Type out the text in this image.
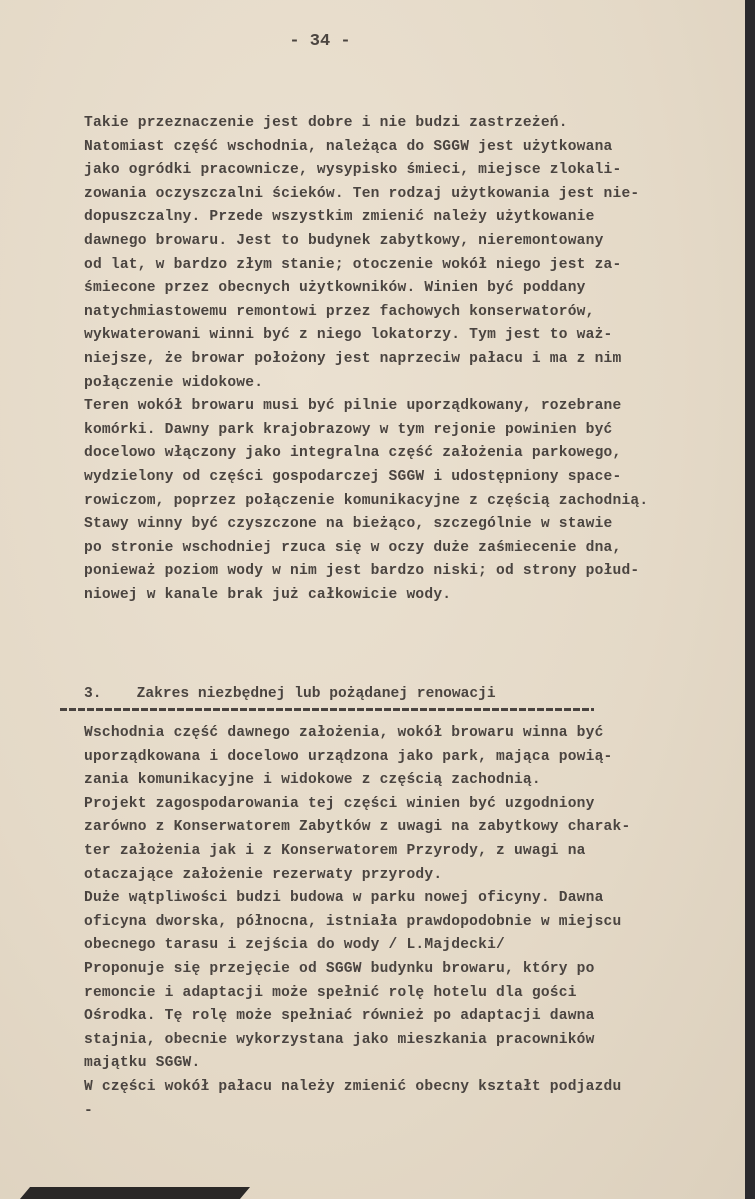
- 34 -
Takie przeznaczenie jest dobre i nie budzi zastrzeżeń.
Natomiast część wschodnia, należąca do SGGW jest użytkowana
jako ogródki pracownicze, wysypisko śmieci, miejsce zlokali-
zowania oczyszczalni ścieków. Ten rodzaj użytkowania jest nie-
dopuszczalny. Przede wszystkim zmienić należy użytkowanie
dawnego browaru. Jest to budynek zabytkowy, nieremontowany
od lat, w bardzo złym stanie; otoczenie wokół niego jest za-
śmiecone przez obecnych użytkowników. Winien być poddany
natychmiastowemu remontowi przez fachowych konserwatorów,
wykwaterowani winni być z niego lokatorzy. Tym jest to waż-
niejsze, że browar położony jest naprzeciw pałacu i ma z nim
połączenie widokowe.
Teren wokół browaru musi być pilnie uporządkowany, rozebrane
komórki. Dawny park krajobrazowy w tym rejonie powinien być
docelowo włączony jako integralna część założenia parkowego,
wydzielony od części gospodarczej SGGW i udostępniony space-
rowiczom, poprzez połączenie komunikacyjne z częścią zachodnią.
Stawy winny być czyszczone na bieżąco, szczególnie w stawie
po stronie wschodniej rzuca się w oczy duże zaśmiecenie dna,
ponieważ poziom wody w nim jest bardzo niski; od strony połud-
niowej w kanale brak już całkowicie wody.
3. Zakres niezbędnej lub pożądanej renowacji
Wschodnia część dawnego założenia, wokół browaru winna być
uporządkowana i docelowo urządzona jako park, mająca powią-
zania komunikacyjne i widokowe z częścią zachodnią.
Projekt zagospodarowania tej części winien być uzgodniony
zarówno z Konserwatorem Zabytków z uwagi na zabytkowy charak-
ter założenia jak i z Konserwatorem Przyrody, z uwagi na
otaczające założenie rezerwaty przyrody.
Duże wątpliwości budzi budowa w parku nowej oficyny. Dawna
oficyna dworska, północna, istniała prawdopodobnie w miejscu
obecnego tarasu i zejścia do wody / L.Majdecki/
Proponuje się przejęcie od SGGW budynku browaru, który po
remoncie i adaptacji może spełnić rolę hotelu dla gości
Ośrodka. Tę rolę może spełniać również po adaptacji dawna
stajnia, obecnie wykorzystana jako mieszkania pracowników
majątku SGGW.
W części wokół pałacu należy zmienić obecny kształt podjazdu
-
